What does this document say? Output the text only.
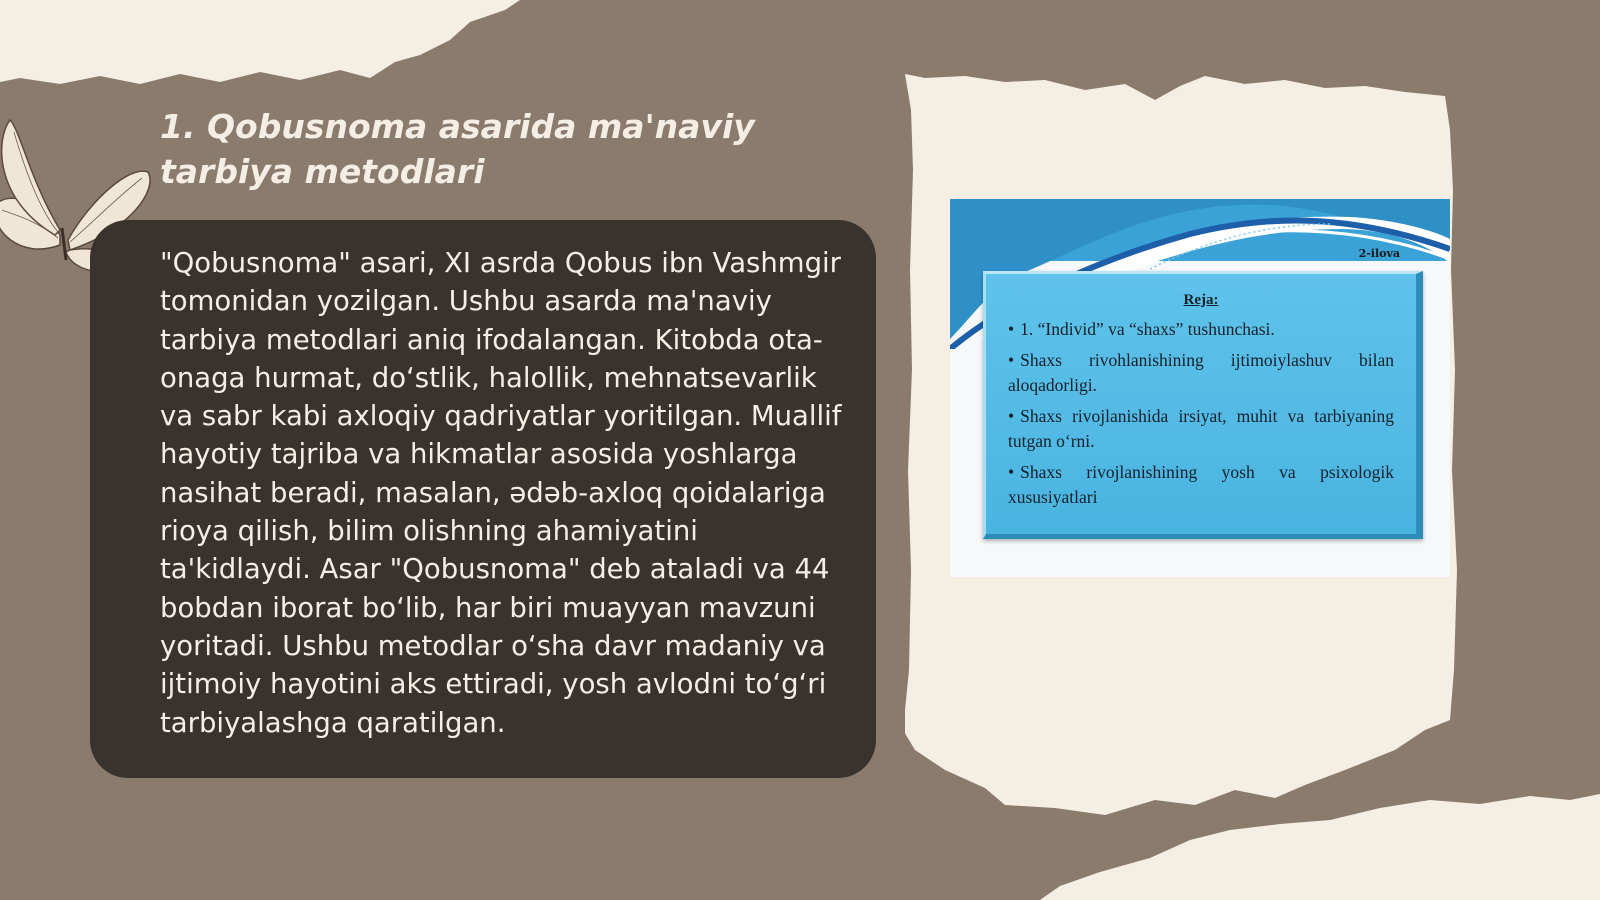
1. Qobusnoma asarida ma'naviy
tarbiya metodlari

"Qobusnoma" asari, XI asrda Qobus ibn Vashmgir tomonidan yozilgan. Ushbu asarda ma'naviy tarbiya metodlari aniq ifodalangan. Kitobda ota-onaga hurmat, do‘stlik, halollik, mehnatsevarlik va sabr kabi axloqiy qadriyatlar yoritilgan. Muallif hayotiy tajriba va hikmatlar asosida yoshlarga nasihat beradi, masalan, ədəb-axloq qoidalariga rioya qilish, bilim olishning ahamiyatini ta'kidlaydi. Asar "Qobusnoma" deb ataladi va 44 bobdan iborat bo‘lib, har biri muayyan mavzuni yoritadi. Ushbu metodlar o‘sha davr madaniy va ijtimoiy hayotini aks ettiradi, yosh avlodni to‘g‘ri tarbiyalashga qaratilgan.

2-ilova

Reja:

• 1. “Individ” va “shaxs” tushunchasi.

• Shaxs rivohlanishining ijtimoiylashuv bilan aloqadorligi.

• Shaxs rivojlanishida irsiyat, muhit va tarbiyaning tutgan o‘rni.

• Shaxs rivojlanishining yosh va psixologik xususiyatlari
